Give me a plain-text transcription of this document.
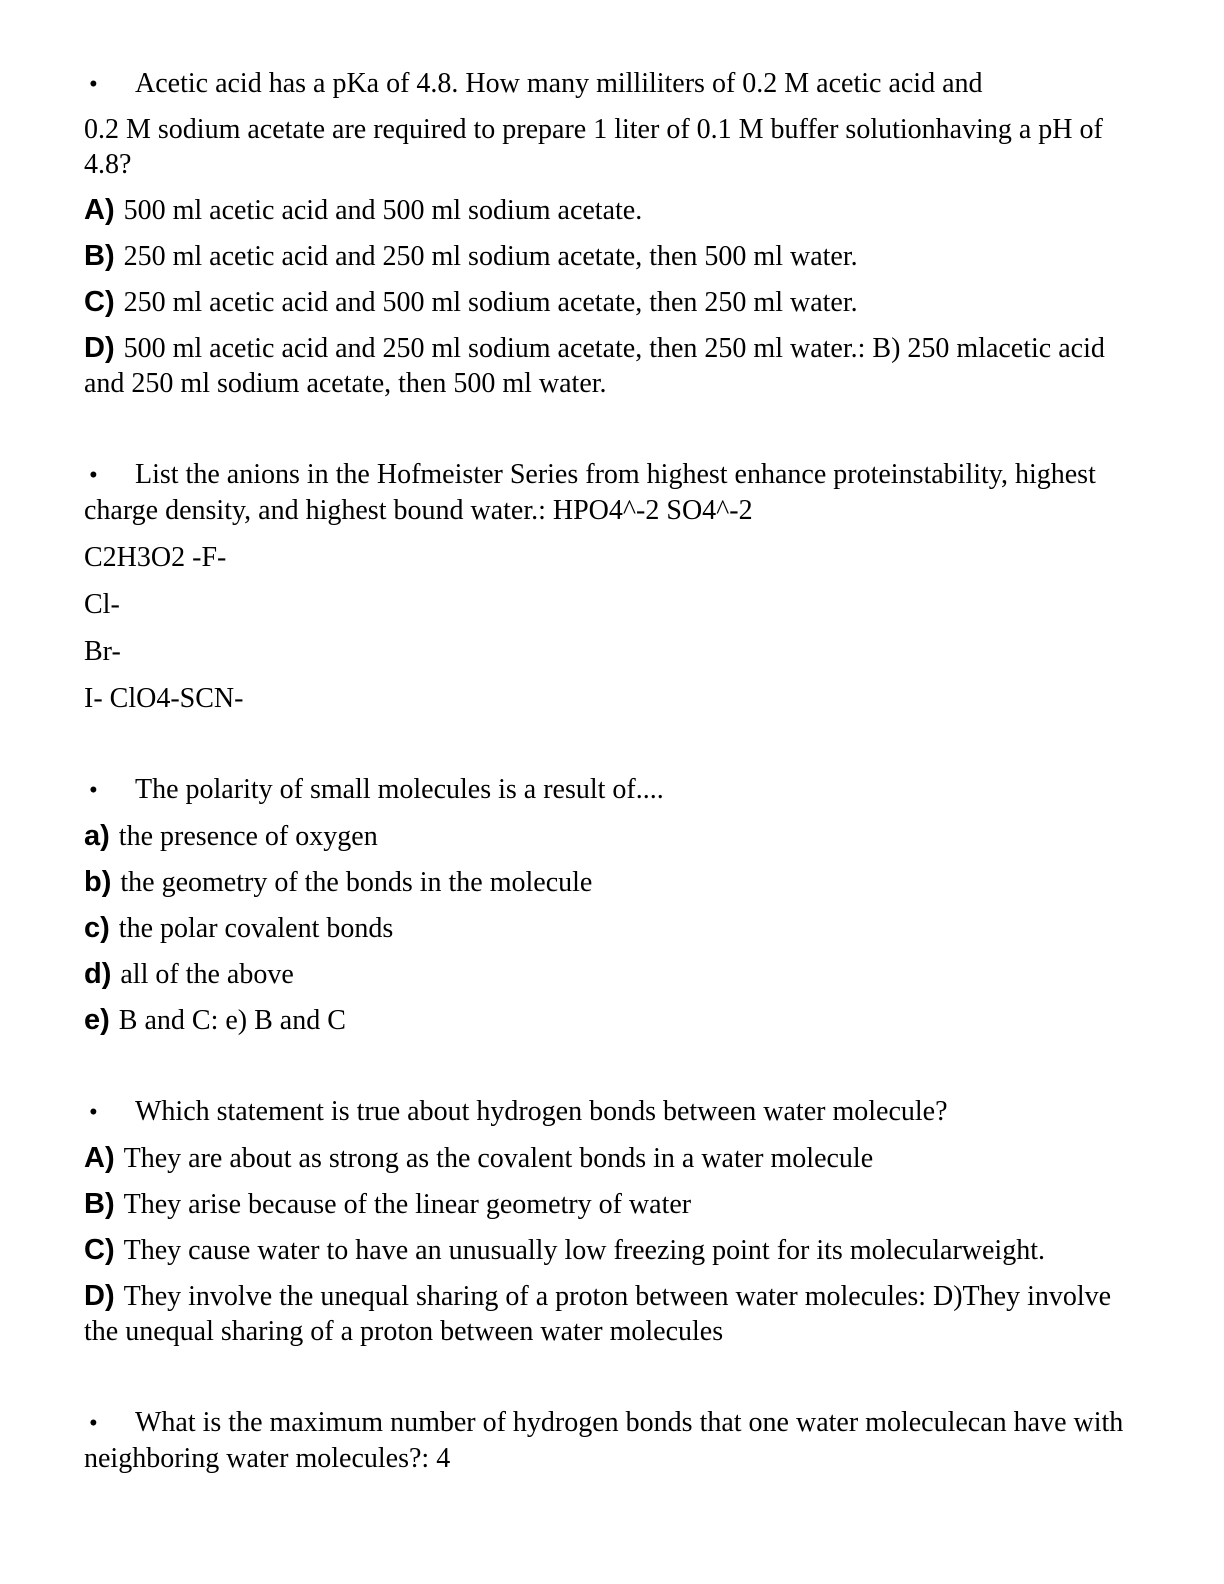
• Acetic acid has a pKa of 4.8. How many milliliters of 0.2 M acetic acid and

0.2 M sodium acetate are required to prepare 1 liter of 0.1 M buffer solutionhaving a pH of 4.8?

A) 500 ml acetic acid and 500 ml sodium acetate.

B) 250 ml acetic acid and 250 ml sodium acetate, then 500 ml water.

C) 250 ml acetic acid and 500 ml sodium acetate, then 250 ml water.

D) 500 ml acetic acid and 250 ml sodium acetate, then 250 ml water.: B) 250 mlacetic acid and 250 ml sodium acetate, then 500 ml water.

• List the anions in the Hofmeister Series from highest enhance proteinstability, highest charge density, and highest bound water.: HPO4^-2 SO4^-2

C2H3O2 -F-

Cl-

Br-

I- ClO4-SCN-

• The polarity of small molecules is a result of....

a) the presence of oxygen

b) the geometry of the bonds in the molecule

c) the polar covalent bonds

d) all of the above

e) B and C: e) B and C

• Which statement is true about hydrogen bonds between water molecule?

A) They are about as strong as the covalent bonds in a water molecule

B) They arise because of the linear geometry of water

C) They cause water to have an unusually low freezing point for its molecularweight.

D) They involve the unequal sharing of a proton between water molecules: D)They involve the unequal sharing of a proton between water molecules

• What is the maximum number of hydrogen bonds that one water moleculecan have with neighboring water molecules?: 4
